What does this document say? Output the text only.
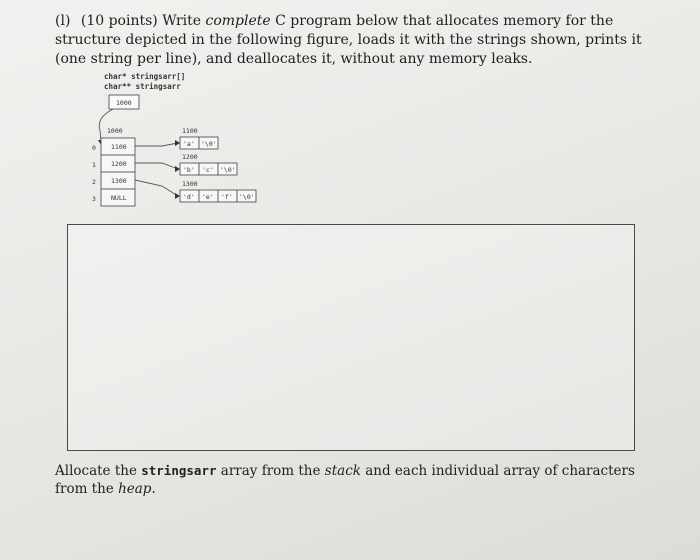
(l) (10 points) Write complete C program below that allocates memory for the structure depicted in the following figure, loads it with the strings shown, prints it (one string per line), and deallocates it, without any memory leaks.
char* stringsarr[]
char** stringsarr
1000
1000
1100
1200
1300
NULL
0
1
2
3
1100
'a' '\0'
1200
'b' 'c' '\0'
1300
'd' 'e' 'f' '\0'
Allocate the stringsarr array from the stack and each individual array of characters from the heap.
